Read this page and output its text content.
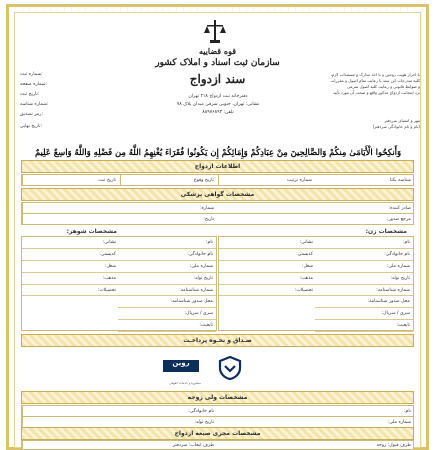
قوه قضاییه
سازمان ثبت اسناد و املاک کشور
سند ازدواج
دفترخانه ثبت ازدواج ۲۱۸ تهران
نشانی: تهران، جنوبی شرقی میدان پلاک ۷۸
تلفن: ۸۸۹۷۶۸۹۳
با احراز هویت زوجین و با اخذ مدارک و مستندات لازم،
کلیه مندرجات این سند با رعایت تمام اصول و مقررات
و ضوابط قانونی و رعایت کلیه اصول شرعی
نزد اینجانب ازدواج مذکور واقع و صحت آن مورد تأیید
مهر و امضای سردفتر
(نام و نام خانوادگی سردفتر)
شماره ثبت:
شماره صفحه:
تاریخ ثبت:
شماره شناسه:
رمز تصدیق:
تاریخ نهایی:
وَأَنكِحُوا الْأَيَامَىٰ مِنكُمْ وَالصَّالِحِينَ مِنْ عِبَادِكُمْ وَإِمَائِكُمْ إِن يَكُونُوا فُقَرَاءَ يُغْنِهِمُ اللَّهُ مِن فَضْلِهِ وَاللَّهُ وَاسِعٌ عَلِيمٌ
اطلاعات ازدواج
تاریخ ثبت	تاریخ وقوع	شماره ترتیب	شناسه یکتا
مشخصات گواهی پزشکی
شماره:	صادر کننده:
تاریخ:	مرجع صدور:
مشخصات زن:
مشخصات شوهر:
نام:
نام خانوادگی:
شماره ملی:
تاریخ تولد:
شماره شناسنامه:
محل صدور شناسنامه:
سری / سریال:
تابعیت:
نشانی:
کدپستی:
شغل:
مذهب:
تحصیلات:
نام:
نام خانوادگی:
شماره ملی:
تاریخ تولد:
شماره شناسنامه:
محل صدور شناسنامه:
سری / سریال:
تابعیت:
نشانی:
کدپستی:
شغل:
مذهب:
تحصیلات:
صـداق و نحـوه پرداخـت
روین
مشاوره و خدمات حقوقی
مشخصات ولی زوجه
نام خانوادگی:	نام:
تاریخ تولد:	شماره ملی:
مشخصات مجری صیغه ازدواج
طرف ایجاب: سردفتر	طرف قبول: زوجه
